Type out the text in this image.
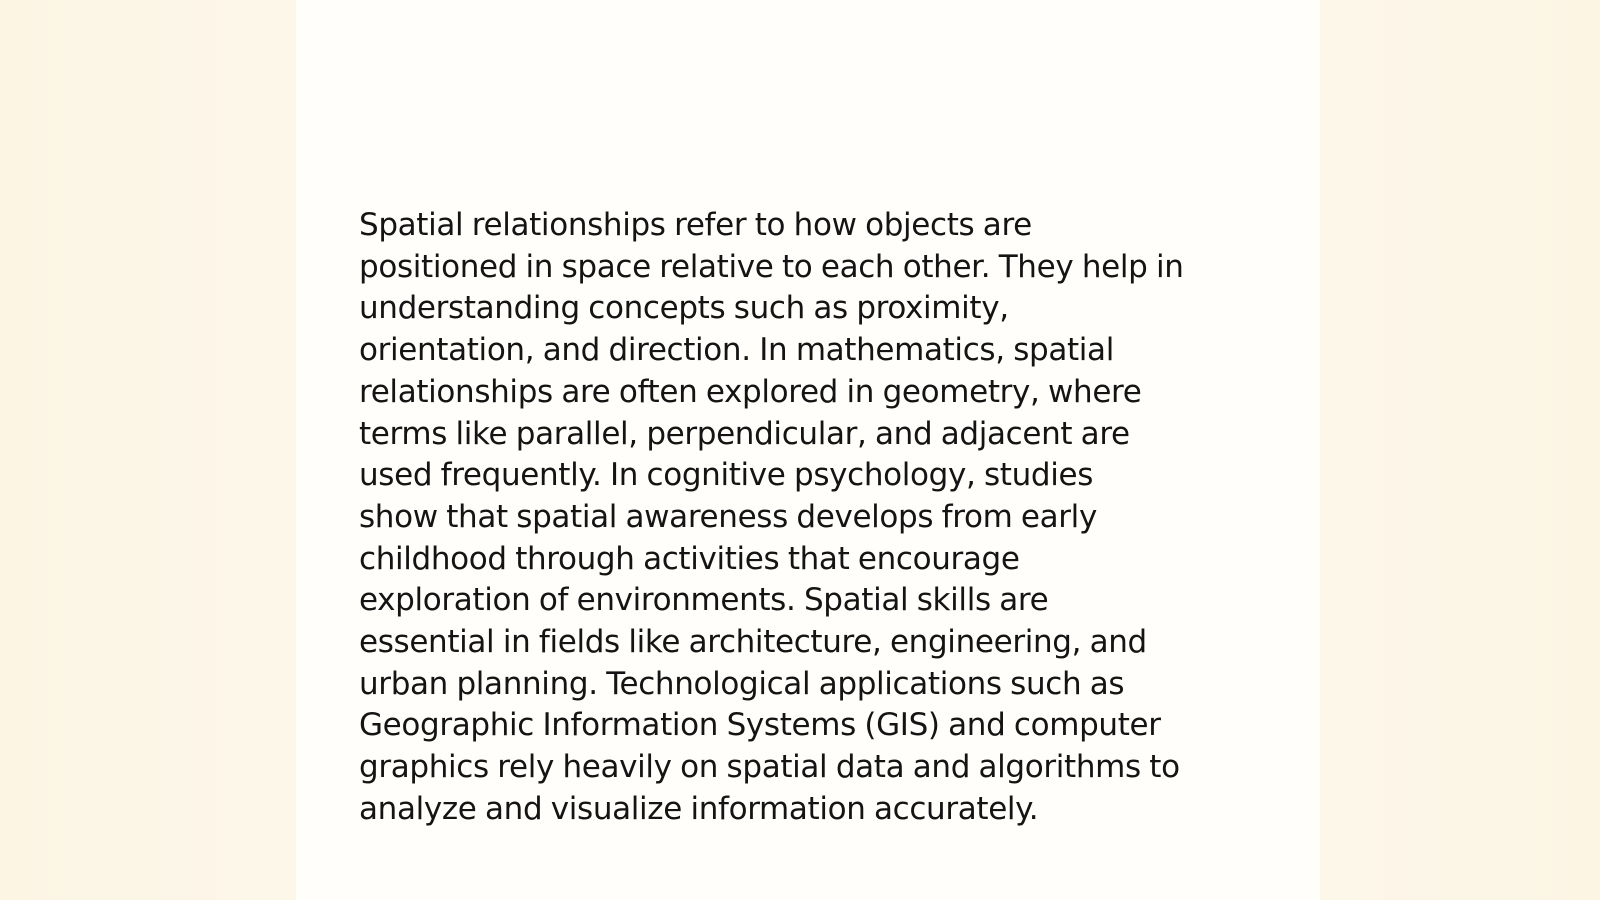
Spatial relationships refer to how objects are
positioned in space relative to each other. They help in
understanding concepts such as proximity,
orientation, and direction. In mathematics, spatial
relationships are often explored in geometry, where
terms like parallel, perpendicular, and adjacent are
used frequently. In cognitive psychology, studies
show that spatial awareness develops from early
childhood through activities that encourage
exploration of environments. Spatial skills are
essential in fields like architecture, engineering, and
urban planning. Technological applications such as
Geographic Information Systems (GIS) and computer
graphics rely heavily on spatial data and algorithms to
analyze and visualize information accurately.
